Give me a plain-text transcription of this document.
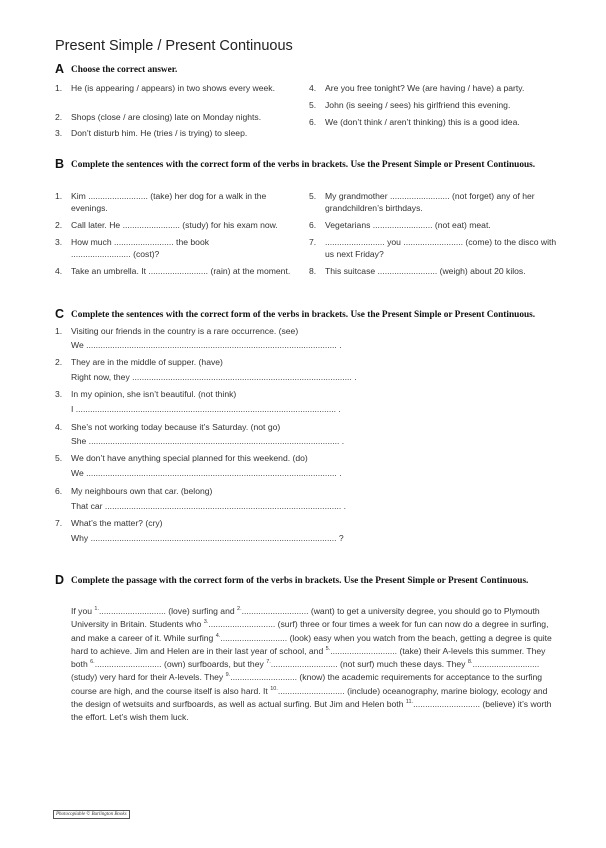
Present Simple / Present Continuous
A Choose the correct answer.
1. He (is appearing / appears) in two shows every week.
2. Shops (close / are closing) late on Monday nights.
3. Don’t disturb him. He (tries / is trying) to sleep.
4. Are you free tonight? We (are having / have) a party.
5. John (is seeing / sees) his girlfriend this evening.
6. We (don’t think / aren’t thinking) this is a good idea.
B Complete the sentences with the correct form of the verbs in brackets. Use the Present Simple or Present Continuous.
1. Kim ......................... (take) her dog for a walk in the evenings.
2. Call later. He ........................ (study) for his exam now.
3. How much ......................... the book ......................... (cost)?
4. Take an umbrella. It ......................... (rain) at the moment.
5. My grandmother ......................... (not forget) any of her grandchildren’s birthdays.
6. Vegetarians ......................... (not eat) meat.
7. ......................... you ......................... (come) to the disco with us next Friday?
8. This suitcase ......................... (weigh) about 20 kilos.
C Complete the sentences with the correct form of the verbs in brackets. Use the Present Simple or Present Continuous.
1. Visiting our friends in the country is a rare occurrence. (see)
We ......................................................................................................... .
2. They are in the middle of supper. (have)
Right now, they ............................................................................................ .
3. In my opinion, she isn’t beautiful. (not think)
I ............................................................................................................. .
4. She’s not working today because it’s Saturday. (not go)
She ......................................................................................................... .
5. We don’t have anything special planned for this weekend. (do)
We ......................................................................................................... .
6. My neighbours own that car. (belong)
That car ................................................................................................... .
7. What’s the matter? (cry)
Why ....................................................................................................... ?
D Complete the passage with the correct form of the verbs in brackets. Use the Present Simple or Present Continuous.
If you $^{1.}$............................ (love) surfing and $^{2.}$............................ (want) to get a university degree, you should go to Plymouth University in Britain. Students who $^{3.}$............................ (surf) three or four times a week for fun can now do a degree in surfing, and make a career of it. While surfing $^{4.}$............................ (look) easy when you watch from the beach, getting a degree is quite hard to achieve. Jim and Helen are in their last year of school, and $^{5.}$............................ (take) their A-levels this summer. They both $^{6.}$............................ (own) surfboards, but they $^{7.}$............................ (not surf) much these days. They $^{8.}$............................ (study) very hard for their A-levels. They $^{9.}$............................ (know) the academic requirements for acceptance to the surfing course are high, and the course itself is also hard. It $^{10.}$............................ (include) oceanography, marine biology, ecology and the design of wetsuits and surfboards, as well as actual surfing. But Jim and Helen both $^{11.}$............................ (believe) it’s worth the effort. Let’s wish them luck.
Photocopiable © Burlington Books
